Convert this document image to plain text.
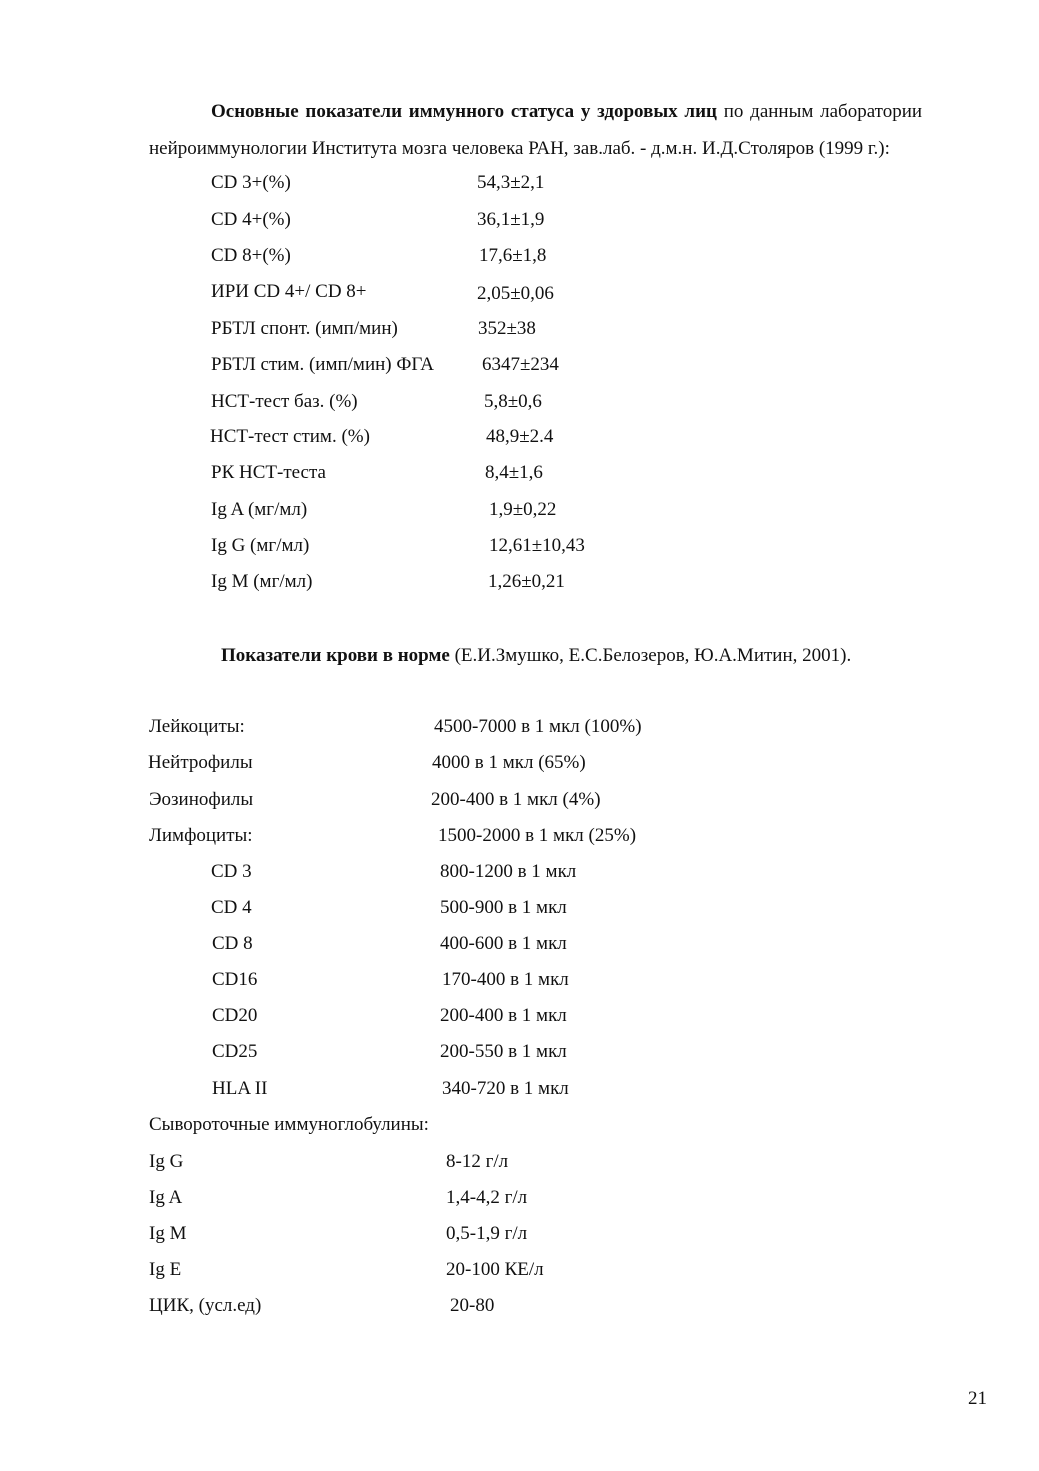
Основные показатели иммунного статуса у здоровых лиц по данным лаборатории
нейроиммунологии Института мозга человека РАН, зав.лаб. - д.м.н. И.Д.Столяров (1999 г.):
CD 3+(%)	54,3±2,1
CD 4+(%)	36,1±1,9
CD 8+(%)	17,6±1,8
ИРИ CD 4+/ CD 8+	2,05±0,06
РБТЛ спонт. (имп/мин)	352±38
РБТЛ стим. (имп/мин) ФГА	6347±234
НСТ-тест баз. (%)	5,8±0,6
НСТ-тест стим. (%)	48,9±2.4
РК НСТ-теста	8,4±1,6
Ig A (мг/мл)	1,9±0,22
Ig G (мг/мл)	12,61±10,43
Ig M (мг/мл)	1,26±0,21
Показатели крови в норме (Е.И.Змушко, Е.С.Белозеров, Ю.А.Митин, 2001).
Лейкоциты:	4500-7000 в 1 мкл (100%)
Нейтрофилы	4000 в 1 мкл (65%)
Эозинофилы	200-400 в 1 мкл (4%)
Лимфоциты:	1500-2000 в 1 мкл (25%)
CD 3	800-1200 в 1 мкл
CD 4	500-900 в 1 мкл
CD 8	400-600 в 1 мкл
CD16	170-400 в 1 мкл
CD20	200-400 в 1 мкл
CD25	200-550 в 1 мкл
HLA II	340-720 в 1 мкл
Сывороточные иммуноглобулины:
Ig G	8-12 г/л
Ig A	1,4-4,2 г/л
Ig M	0,5-1,9 г/л
Ig E	20-100 КЕ/л
ЦИК, (усл.ед)	20-80
21
